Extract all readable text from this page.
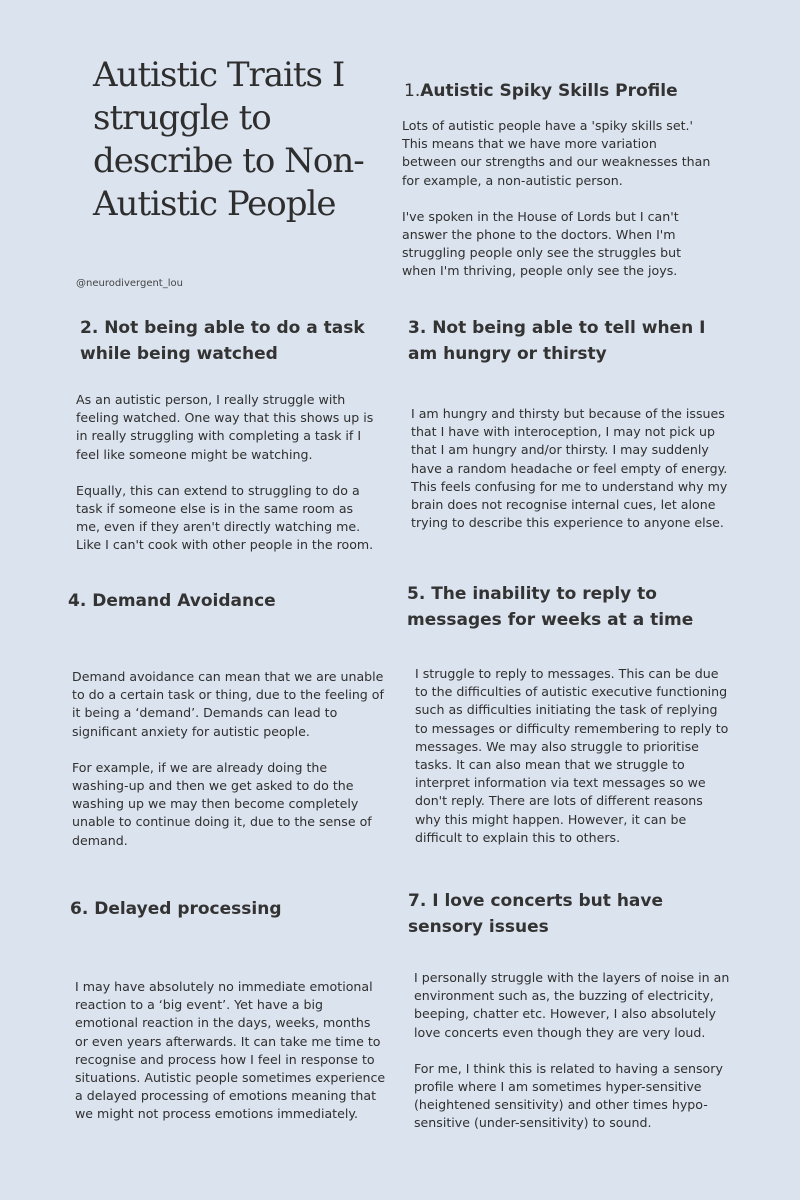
Autistic Traits I struggle to describe to Non-Autistic People
@neurodivergent_lou
1.Autistic Spiky Skills Profile

Lots of autistic people have a 'spiky skills set.' This means that we have more variation between our strengths and our weaknesses than for example, a non-autistic person.

I've spoken in the House of Lords but I can't answer the phone to the doctors. When I'm struggling people only see the struggles but when I'm thriving, people only see the joys.

2. Not being able to do a task while being watched

As an autistic person, I really struggle with feeling watched. One way that this shows up is in really struggling with completing a task if I feel like someone might be watching.

Equally, this can extend to struggling to do a task if someone else is in the same room as me, even if they aren't directly watching me. Like I can't cook with other people in the room.

3. Not being able to tell when I am hungry or thirsty

I am hungry and thirsty but because of the issues that I have with interoception, I may not pick up that I am hungry and/or thirsty. I may suddenly have a random headache or feel empty of energy. This feels confusing for me to understand why my brain does not recognise internal cues, let alone trying to describe this experience to anyone else.

4. Demand Avoidance

Demand avoidance can mean that we are unable to do a certain task or thing, due to the feeling of it being a ‘demand’. Demands can lead to significant anxiety for autistic people.

For example, if we are already doing the washing-up and then we get asked to do the washing up we may then become completely unable to continue doing it, due to the sense of demand.

5. The inability to reply to messages for weeks at a time

I struggle to reply to messages. This can be due to the difficulties of autistic executive functioning such as difficulties initiating the task of replying to messages or difficulty remembering to reply to messages. We may also struggle to prioritise tasks. It can also mean that we struggle to interpret information via text messages so we don't reply. There are lots of different reasons why this might happen. However, it can be difficult to explain this to others.

6. Delayed processing

I may have absolutely no immediate emotional reaction to a ‘big event’. Yet have a big emotional reaction in the days, weeks, months or even years afterwards. It can take me time to recognise and process how I feel in response to situations. Autistic people sometimes experience a delayed processing of emotions meaning that we might not process emotions immediately.

7. I love concerts but have sensory issues

I personally struggle with the layers of noise in an environment such as, the buzzing of electricity, beeping, chatter etc. However, I also absolutely love concerts even though they are very loud.

For me, I think this is related to having a sensory profile where I am sometimes hyper-sensitive (heightened sensitivity) and other times hypo-sensitive (under-sensitivity) to sound.
